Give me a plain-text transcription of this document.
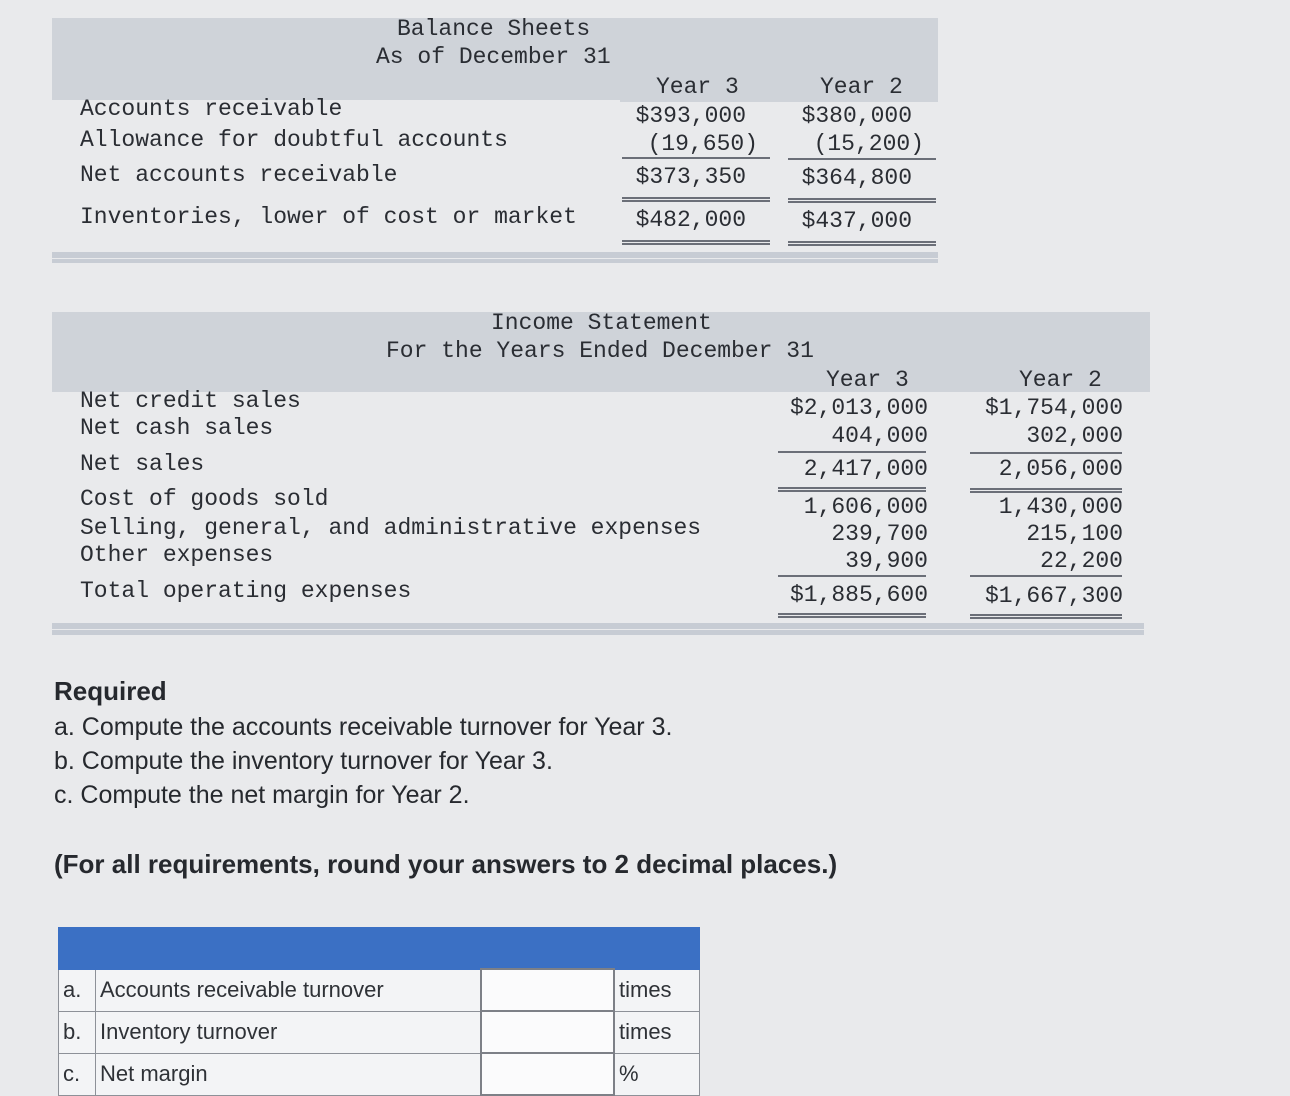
Balance Sheets
As of December 31
Year 3	Year 2
Accounts receivable	$393,000	$380,000
Allowance for doubtful accounts	(19,650)	(15,200)
Net accounts receivable	$373,350	$364,800
Inventories, lower of cost or market	$482,000	$437,000
Income Statement
For the Years Ended December 31
Year 3	Year 2
Net credit sales	$2,013,000	$1,754,000
Net cash sales	404,000	302,000
Net sales	2,417,000	2,056,000
Cost of goods sold	1,606,000	1,430,000
Selling, general, and administrative expenses	239,700	215,100
Other expenses	39,900	22,200
Total operating expenses	$1,885,600	$1,667,300
Required
a. Compute the accounts receivable turnover for Year 3.
b. Compute the inventory turnover for Year 3.
c. Compute the net margin for Year 2.
(For all requirements, round your answers to 2 decimal places.)

a.	Accounts receivable turnover		times
b.	Inventory turnover		times
c.	Net margin		%
